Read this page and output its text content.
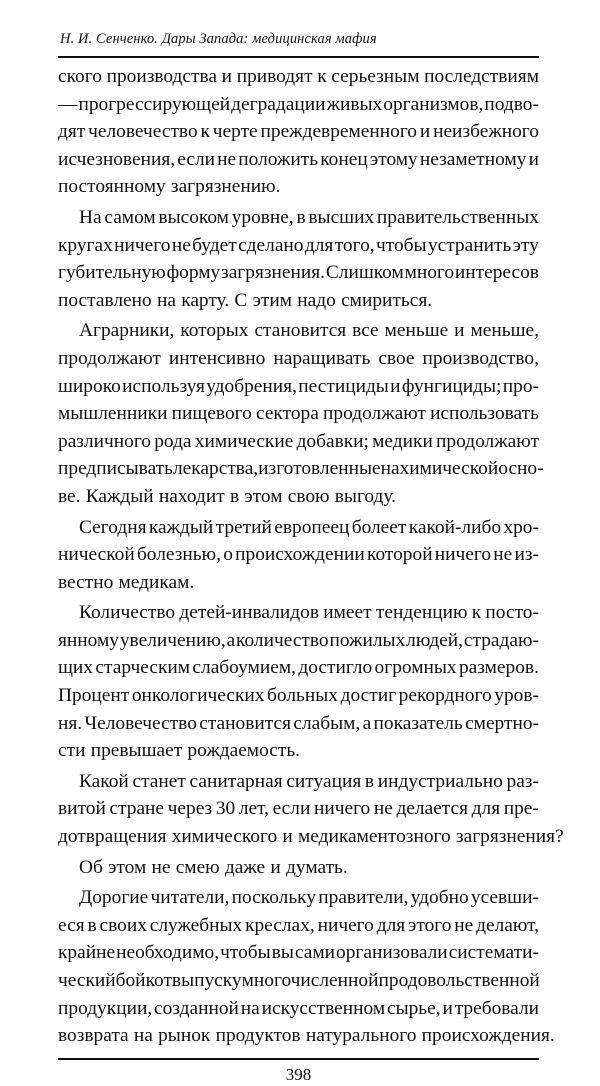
Н. И. Сенченко. Дары Запада: медицинская мафия
ского производства и приводят к серьезным последствиям
— прогрессирующей деградации живых организмов, подво-
дят человечество к черте преждевременного и неизбежного
исчезновения, если не положить конец этому незаметному и
постоянному загрязнению.
На самом высоком уровне, в высших правительственных
кругах ничего не будет сделано для того, чтобы устранить эту
губительную форму загрязнения. Слишком много интересов
поставлено на карту. С этим надо смириться.
Аграрники, которых становится все меньше и меньше,
продолжают интенсивно наращивать свое производство,
широко используя удобрения, пестициды и фунгициды; про-
мышленники пищевого сектора продолжают использовать
различного рода химические добавки; медики продолжают
предписывать лекарства, изготовленные на химической осно-
ве. Каждый находит в этом свою выгоду.
Сегодня каждый третий европеец болеет какой-либо хро-
нической болезнью, о происхождении которой ничего не из-
вестно медикам.
Количество детей-инвалидов имеет тенденцию к посто-
янному увеличению, а количество пожилых людей, страдаю-
щих старческим слабоумием, достигло огромных размеров.
Процент онкологических больных достиг рекордного уров-
ня. Человечество становится слабым, а показатель смертно-
сти превышает рождаемость.
Какой станет санитарная ситуация в индустриально раз-
витой стране через 30 лет, если ничего не делается для пре-
дотвращения химического и медикаментозного загрязнения?
Об этом не смею даже и думать.
Дорогие читатели, поскольку правители, удобно усевши-
еся в своих служебных креслах, ничего для этого не делают,
крайне необходимо, чтобы вы сами организовали системати-
ческий бойкот выпуску многочисленной продовольственной
продукции, созданной на искусственном сырье, и требовали
возврата на рынок продуктов натурального происхождения.
398
